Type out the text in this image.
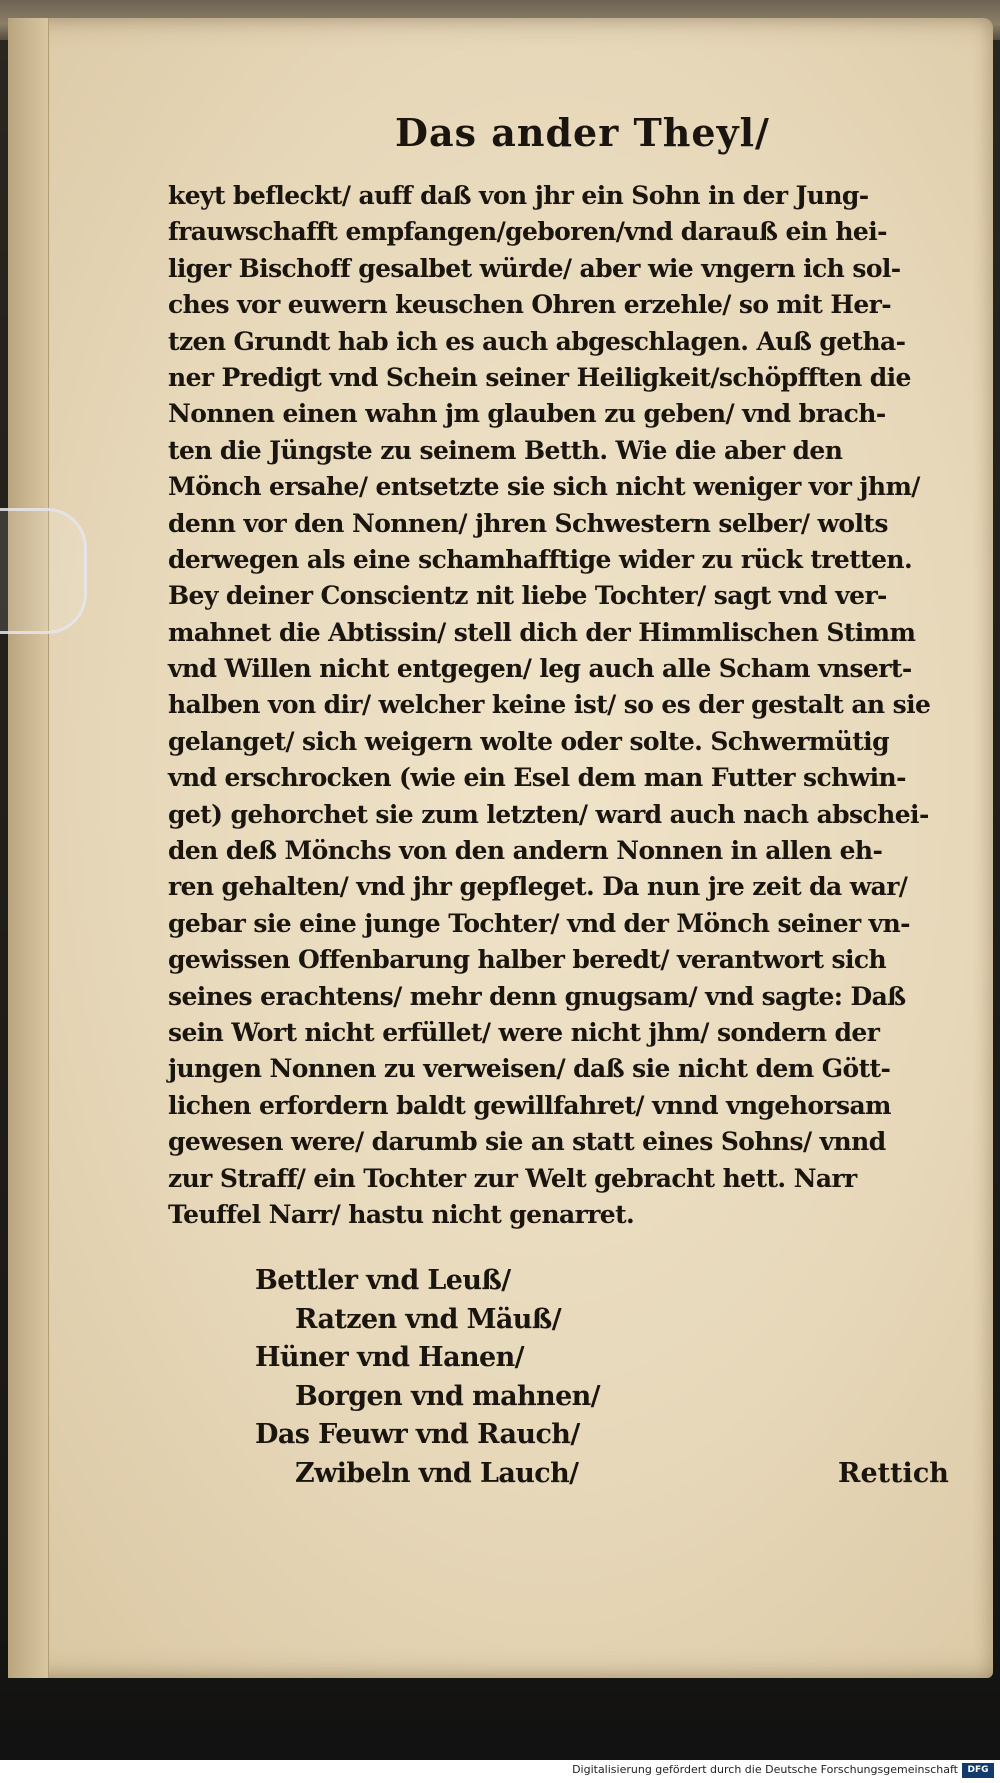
Das ander Theyl/
keyt befleckt/ auff daß von jhr ein Sohn in der Jung-
frauwschafft empfangen/geboren/vnd darauß ein hei-
liger Bischoff gesalbet würde/ aber wie vngern ich sol-
ches vor euwern keuschen Ohren erzehle/ so mit Her-
tzen Grundt hab ich es auch abgeschlagen. Auß getha-
ner Predigt vnd Schein seiner Heiligkeit/schöpfften die
Nonnen einen wahn jm glauben zu geben/ vnd brach-
ten die Jüngste zu seinem Betth. Wie die aber den
Mönch ersahe/ entsetzte sie sich nicht weniger vor jhm/
denn vor den Nonnen/ jhren Schwestern selber/ wolts
derwegen als eine schamhafftige wider zu rück tretten.
Bey deiner Conscientz nit liebe Tochter/ sagt vnd ver-
mahnet die Abtissin/ stell dich der Himmlischen Stimm
vnd Willen nicht entgegen/ leg auch alle Scham vnsert-
halben von dir/ welcher keine ist/ so es der gestalt an sie
gelanget/ sich weigern wolte oder solte. Schwermütig
vnd erschrocken (wie ein Esel dem man Futter schwin-
get) gehorchet sie zum letzten/ ward auch nach abschei-
den deß Mönchs von den andern Nonnen in allen eh-
ren gehalten/ vnd jhr gepfleget. Da nun jre zeit da war/
gebar sie eine junge Tochter/ vnd der Mönch seiner vn-
gewissen Offenbarung halber beredt/ verantwort sich
seines erachtens/ mehr denn gnugsam/ vnd sagte: Daß
sein Wort nicht erfüllet/ were nicht jhm/ sondern der
jungen Nonnen zu verweisen/ daß sie nicht dem Gött-
lichen erfordern baldt gewillfahret/ vnnd vngehorsam
gewesen were/ darumb sie an statt eines Sohns/ vnnd
zur Straff/ ein Tochter zur Welt gebracht hett. Narr
Teuffel Narr/ hastu nicht genarret.
Bettler vnd Leuß/
Ratzen vnd Mäuß/
Hüner vnd Hanen/
Borgen vnd mahnen/
Das Feuwr vnd Rauch/
Zwibeln vnd Lauch/	Rettich
Digitalisierung gefördert durch die Deutsche Forschungsgemeinschaft	DFG
